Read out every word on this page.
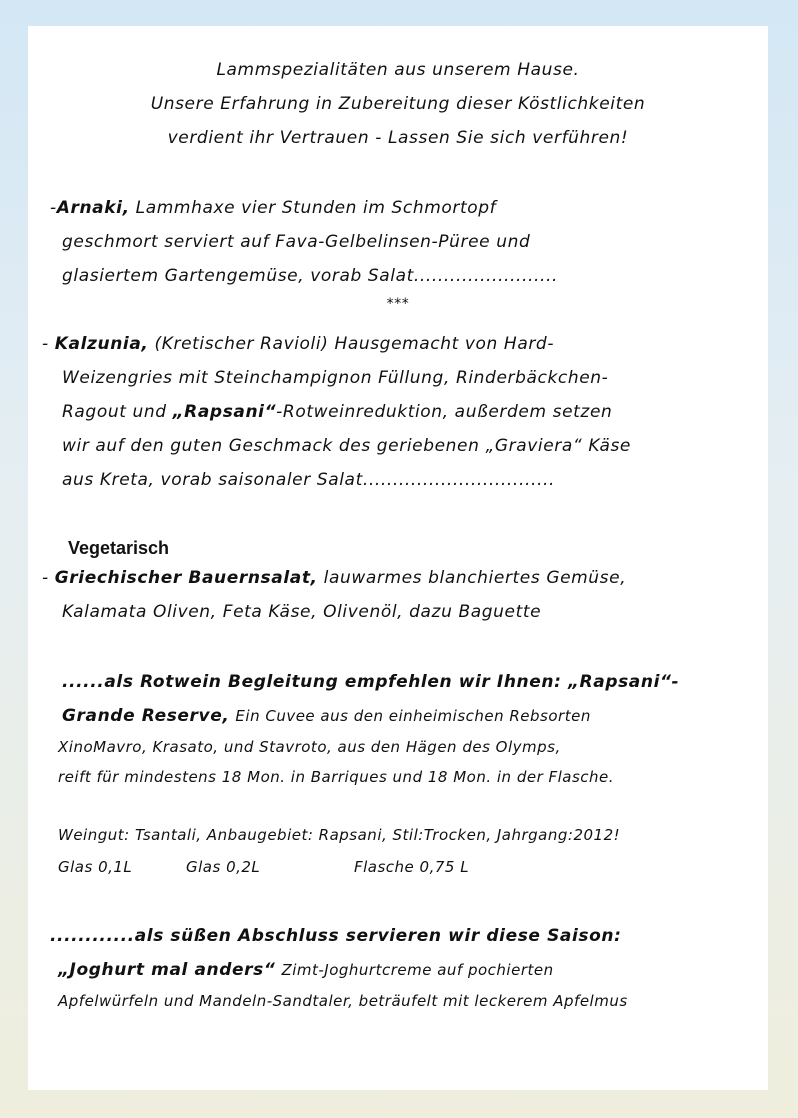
Lammspezialitäten aus unserem Hause.
Unsere Erfahrung in Zubereitung dieser Köstlichkeiten
verdient ihr Vertrauen - Lassen Sie sich verführen!
-Arnaki, Lammhaxe vier Stunden im Schmortopf
geschmort serviert auf Fava-Gelbelinsen-Püree und
glasiertem Gartengemüse, vorab Salat........................
***
- Kalzunia, (Kretischer Ravioli) Hausgemacht von Hard-
Weizengries mit Steinchampignon Füllung, Rinderbäckchen-
Ragout und „Rapsani“-Rotweinreduktion, außerdem setzen
wir auf den guten Geschmack des geriebenen „Graviera“ Käse
aus Kreta, vorab saisonaler Salat................................
Vegetarisch
- Griechischer Bauernsalat, lauwarmes blanchiertes Gemüse,
Kalamata Oliven, Feta Käse, Olivenöl, dazu Baguette
......als Rotwein Begleitung empfehlen wir Ihnen: „Rapsani“-
Grande Reserve, Ein Cuvee aus den einheimischen Rebsorten
XinoMavro, Krasato, und Stavroto, aus den Hägen des Olymps,
reift für mindestens 18 Mon. in Barriques und 18 Mon. in der Flasche.
Weingut: Tsantali, Anbaugebiet: Rapsani, Stil:Trocken, Jahrgang:2012!
Glas 0,1L	Glas 0,2L	Flasche 0,75 L
............als süßen Abschluss servieren wir diese Saison:
„Joghurt mal anders“ Zimt-Joghurtcreme auf pochierten
Apfelwürfeln und Mandeln-Sandtaler, beträufelt mit leckerem Apfelmus
